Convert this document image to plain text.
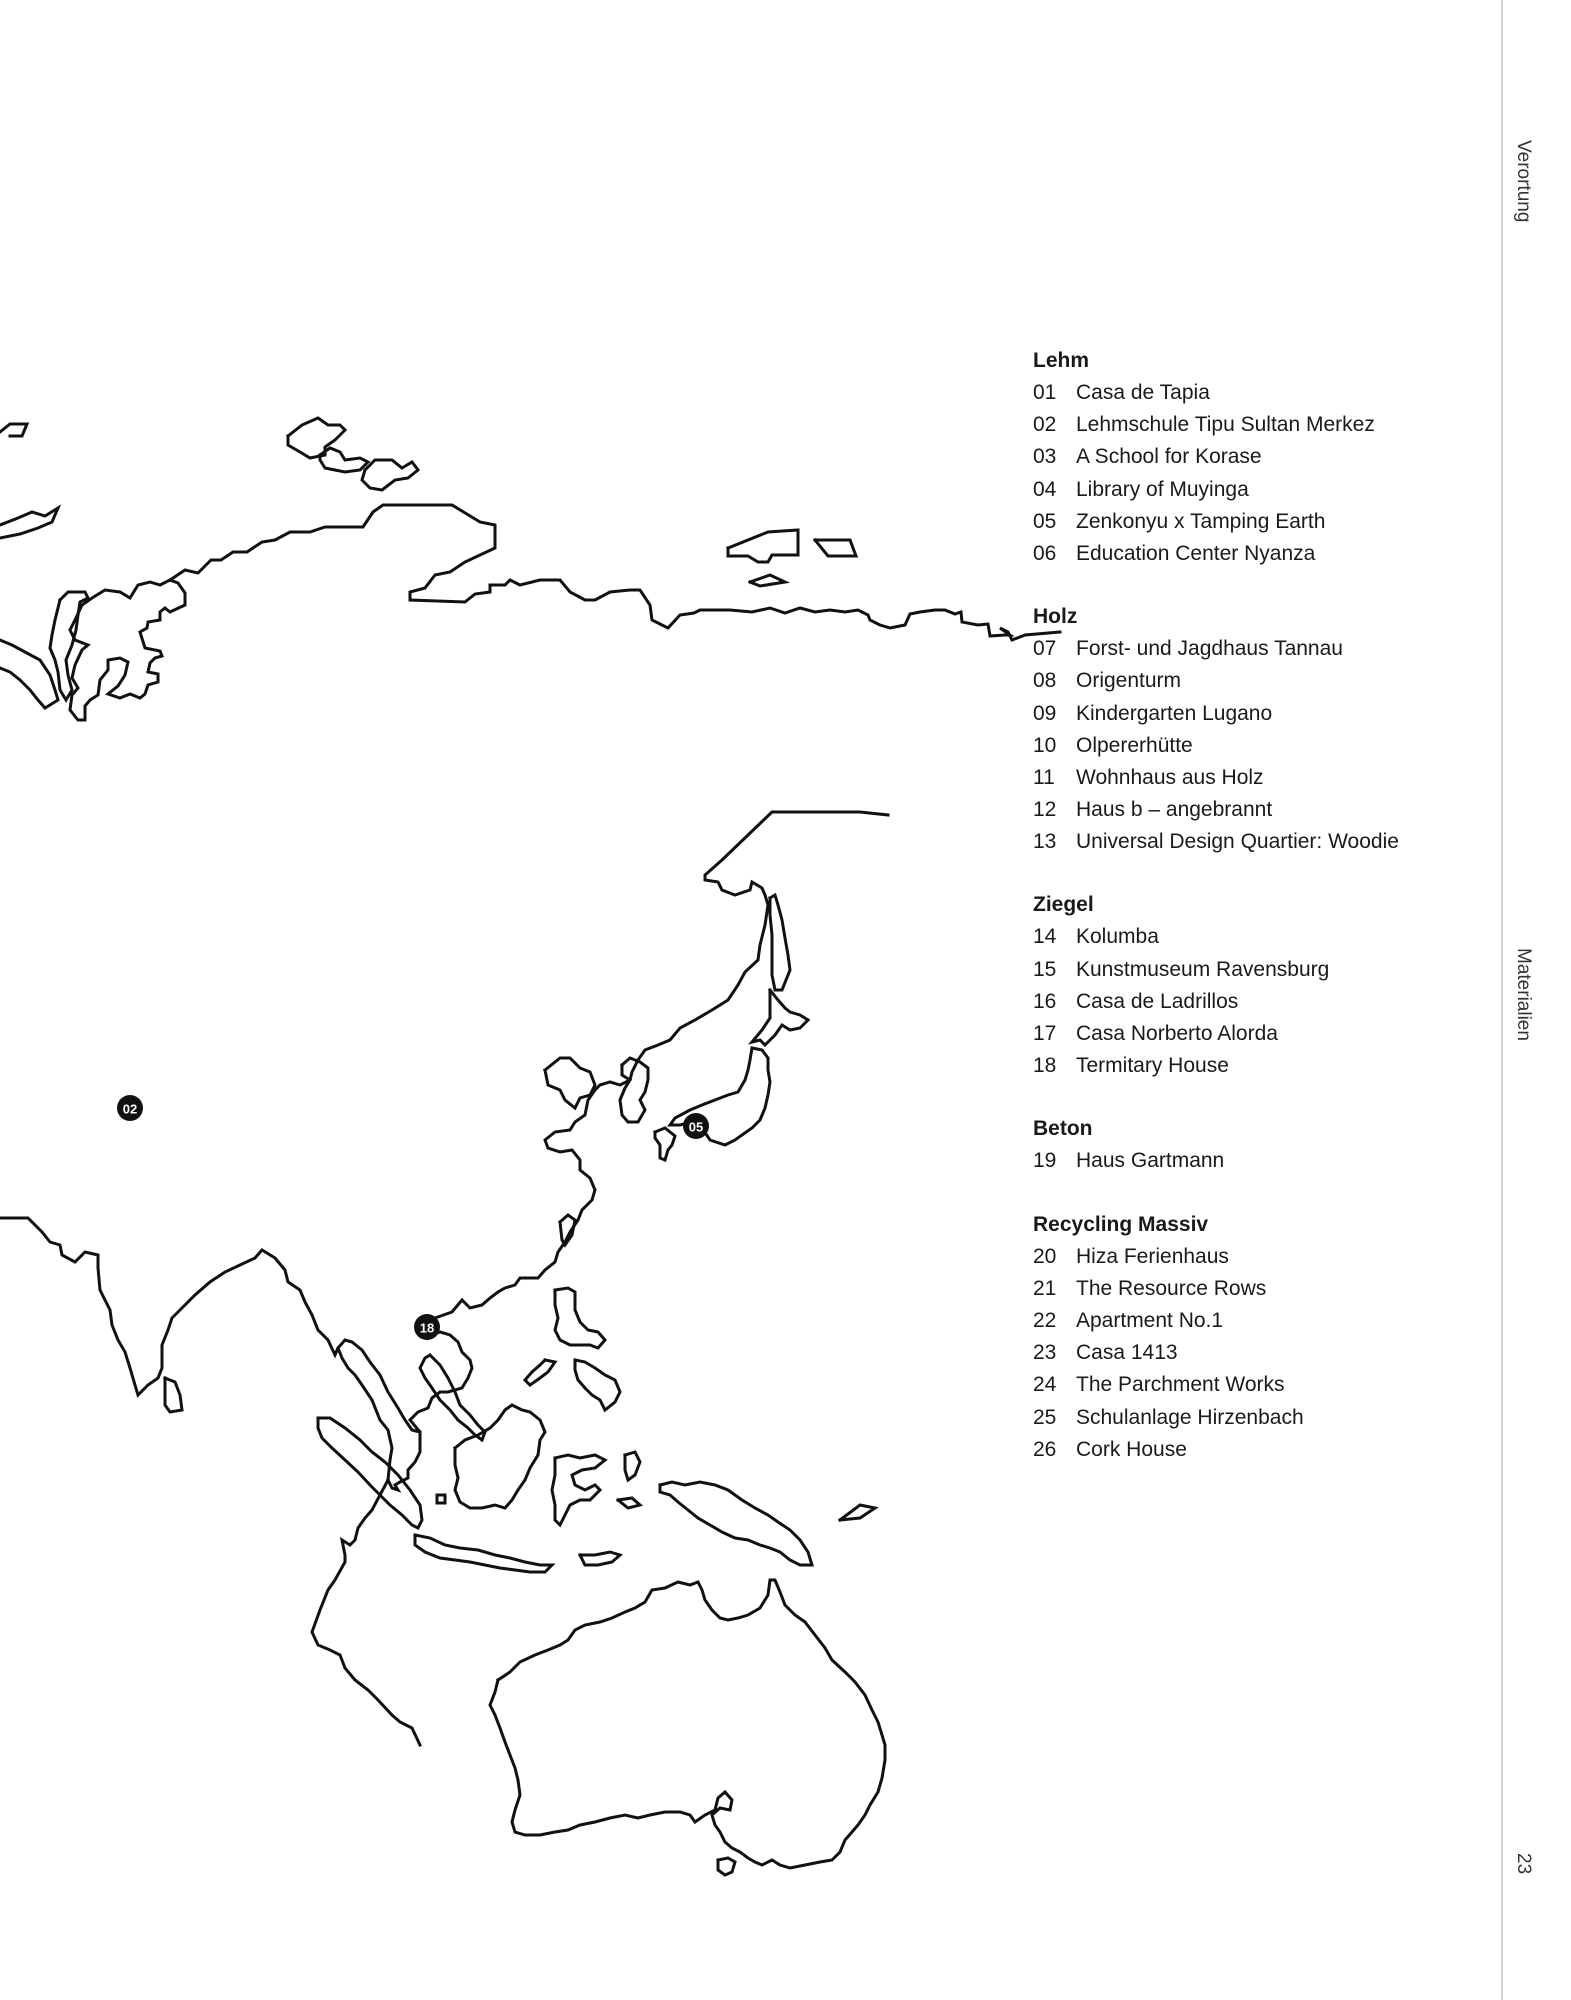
02
05
18
Lehm
01 Casa de Tapia
02 Lehmschule Tipu Sultan Merkez
03 A School for Korase
04 Library of Muyinga
05 Zenkonyu x Tamping Earth
06 Education Center Nyanza
Holz
07 Forst- und Jagdhaus Tannau
08 Origenturm
09 Kindergarten Lugano
10 Olpererhütte
11 Wohnhaus aus Holz
12 Haus b – angebrannt
13 Universal Design Quartier: Woodie
Ziegel
14 Kolumba
15 Kunstmuseum Ravensburg
16 Casa de Ladrillos
17 Casa Norberto Alorda
18 Termitary House
Beton
19 Haus Gartmann
Recycling Massiv
20 Hiza Ferienhaus
21 The Resource Rows
22 Apartment No.1
23 Casa 1413
24 The Parchment Works
25 Schulanlage Hirzenbach
26 Cork House
Verortung
Materialien
23
